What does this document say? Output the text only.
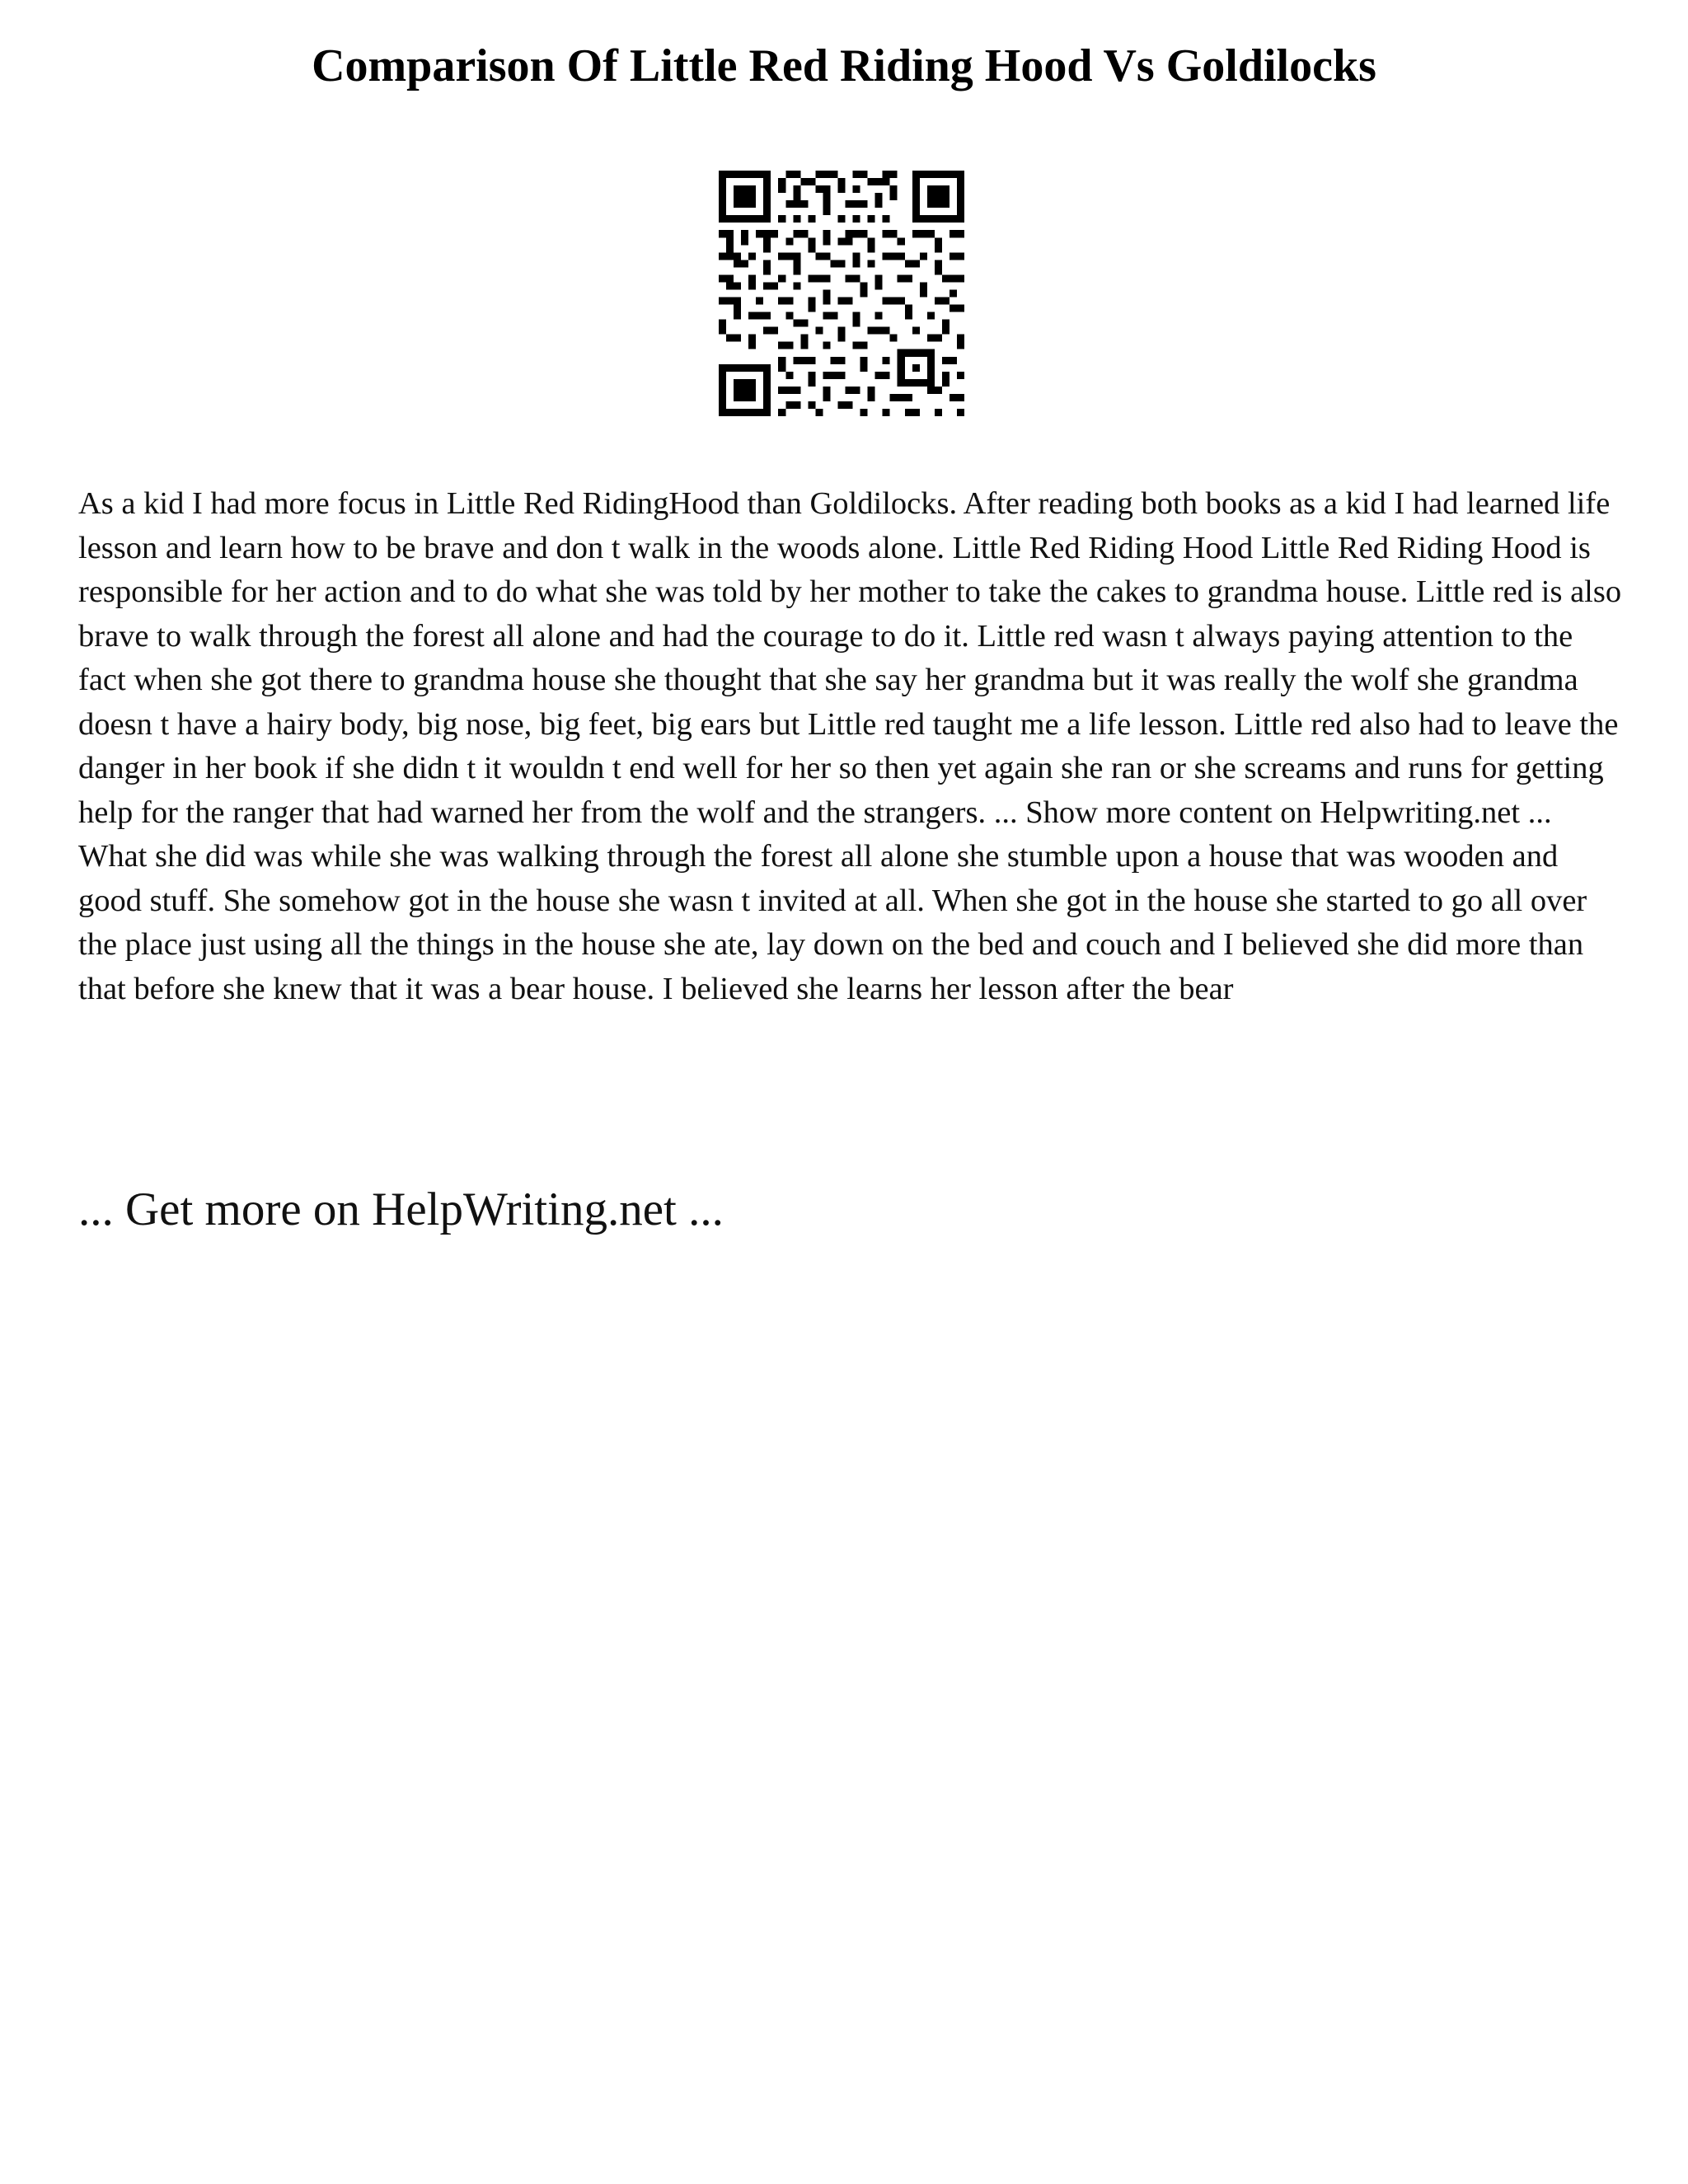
Comparison Of Little Red Riding Hood Vs Goldilocks

As a kid I had more focus in Little Red RidingHood than Goldilocks. After reading both books as a kid I had learned life lesson and learn how to be brave and don t walk in the woods alone. Little Red Riding Hood Little Red Riding Hood is responsible for her action and to do what she was told by her mother to take the cakes to grandma house. Little red is also brave to walk through the forest all alone and had the courage to do it. Little red wasn t always paying attention to the fact when she got there to grandma house she thought that she say her grandma but it was really the wolf she grandma doesn t have a hairy body, big nose, big feet, big ears but Little red taught me a life lesson. Little red also had to leave the danger in her book if she didn t it wouldn t end well for her so then yet again she ran or she screams and runs for getting help for the ranger that had warned her from the wolf and the strangers. ... Show more content on Helpwriting.net ...

What she did was while she was walking through the forest all alone she stumble upon a house that was wooden and good stuff. She somehow got in the house she wasn t invited at all. When she got in the house she started to go all over the place just using all the things in the house she ate, lay down on the bed and couch and I believed she did more than that before she knew that it was a bear house. I believed she learns her lesson after the bear

... Get more on HelpWriting.net ...
